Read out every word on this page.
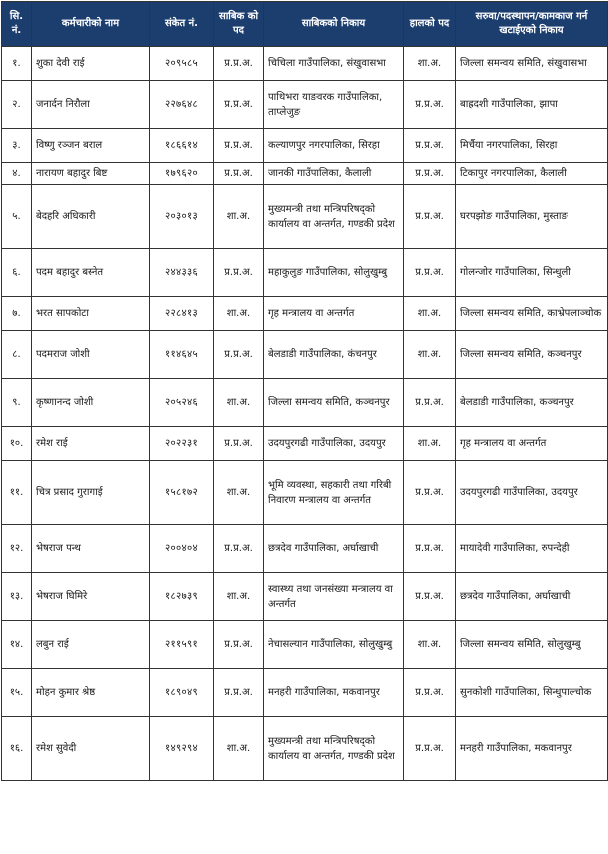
सि. नं.	कर्मचारीको नाम	संकेत नं.	साबिक को पद	साबिकको निकाय	हालको पद	सरुवा/पदस्थापन/कामकाज गर्न खटाईएको निकाय
१.	शुका देवी राई	२०९५८५	प्र.प्र.अ.	चिचिला गाउँपालिका, संखुवासभा	शा.अ.	जिल्ला समन्वय समिति, संखुवासभा
२.	जनार्दन निरौला	२२७६४८	प्र.प्र.अ.	पाथिभरा याङवरक गाउँपालिका, ताप्लेजुङ	प्र.प्र.अ.	बाह्रदशी गाउँपालिका, झापा
३.	विष्णु रञ्जन बराल	१८६६१४	प्र.प्र.अ.	कल्याणपुर नगरपालिका, सिरहा	प्र.प्र.अ.	मिर्चैया नगरपालिका, सिरहा
४.	नारायण बहादुर बिष्ट	१७९६२०	प्र.प्र.अ.	जानकी गाउँपालिका, कैलाली	प्र.प्र.अ.	टिकापुर नगरपालिका, कैलाली
५.	बेदहरि अधिकारी	२०३०१३	शा.अ.	मुख्यमन्त्री तथा मन्त्रिपरिषद्को कार्यालय वा अन्तर्गत, गण्डकी प्रदेश	प्र.प्र.अ.	घरपझोङ गाउँपालिका, मुस्ताङ
६.	पदम बहादुर बस्नेत	२४४३३६	प्र.प्र.अ.	महाकुलुङ गाउँपालिका, सोलुखुम्बु	प्र.प्र.अ.	गोलन्जोर गाउँपालिका, सिन्धुली
७.	भरत सापकोटा	२२८४१३	शा.अ.	गृह मन्त्रालय वा अन्तर्गत	शा.अ.	जिल्ला समन्वय समिति, काभ्रेपलाञ्चोक
८.	पदमराज जोशी	११४६४५	प्र.प्र.अ.	बेलडाडी गाउँपालिका, कंचनपुर	शा.अ.	जिल्ला समन्वय समिति, कञ्चनपुर
९.	कृष्णानन्द जोशी	२०५२४६	शा.अ.	जिल्ला समन्वय समिति, कञ्चनपुर	प्र.प्र.अ.	बेलडाडी गाउँपालिका, कञ्चनपुर
१०.	रमेश राई	२०२२३१	प्र.प्र.अ.	उदयपुरगढी गाउँपालिका, उदयपुर	शा.अ.	गृह मन्त्रालय वा अन्तर्गत
११.	चित्र प्रसाद गुरागाई	१५८१७२	शा.अ.	भूमि व्यवस्था, सहकारी तथा गरिबी निवारण मन्त्रालय वा अन्तर्गत	प्र.प्र.अ.	उदयपुरगढी गाउँपालिका, उदयपुर
१२.	भेषराज पन्थ	२००४०४	प्र.प्र.अ.	छत्रदेव गाउँपालिका, अर्घाखाची	प्र.प्र.अ.	मायादेवी गाउँपालिका, रुपन्देही
१३.	भेषराज घिमिरे	१८२७३९	शा.अ.	स्वास्थ्य तथा जनसंख्या मन्त्रालय वा अन्तर्गत	प्र.प्र.अ.	छत्रदेव गाउँपालिका, अर्घाखाची
१४.	लबुन राई	२११५९१	प्र.प्र.अ.	नेचासल्यान गाउँपालिका, सोलुखुम्बु	शा.अ.	जिल्ला समन्वय समिति, सोलुखुम्बु
१५.	मोहन कुमार श्रेष्ठ	१८९०४९	प्र.प्र.अ.	मनहरी गाउँपालिका, मकवानपुर	प्र.प्र.अ.	सुनकोशी गाउँपालिका, सिन्धुपाल्चोक
१६.	रमेश सुवेदी	१४९२९४	शा.अ.	मुख्यमन्त्री तथा मन्त्रिपरिषद्को कार्यालय वा अन्तर्गत, गण्डकी प्रदेश	प्र.प्र.अ.	मनहरी गाउँपालिका, मकवानपुर
